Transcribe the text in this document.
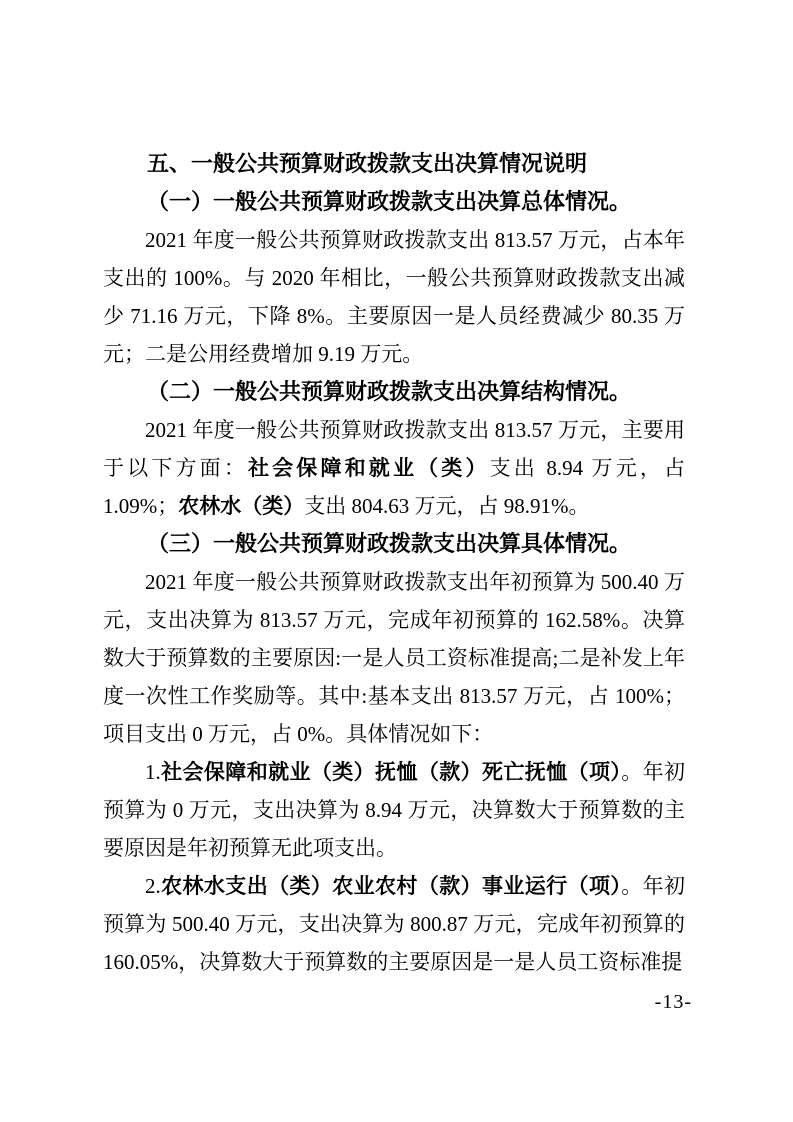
五、一般公共预算财政拨款支出决算情况说明
（一）一般公共预算财政拨款支出决算总体情况。
2021 年度一般公共预算财政拨款支出 813.57 万元，占本年支出的 100%。与 2020 年相比，一般公共预算财政拨款支出减少 71.16 万元，下降 8%。主要原因一是人员经费减少 80.35 万元；二是公用经费增加 9.19 万元。
（二）一般公共预算财政拨款支出决算结构情况。
2021 年度一般公共预算财政拨款支出 813.57 万元，主要用于以下方面：社会保障和就业（类）支出 8.94 万元，占 1.09%；农林水（类）支出 804.63 万元，占 98.91%。
（三）一般公共预算财政拨款支出决算具体情况。
2021 年度一般公共预算财政拨款支出年初预算为 500.40 万元，支出决算为 813.57 万元，完成年初预算的 162.58%。决算数大于预算数的主要原因:一是人员工资标准提高;二是补发上年度一次性工作奖励等。其中:基本支出 813.57 万元，占 100%；项目支出 0 万元，占 0%。具体情况如下：
1.社会保障和就业（类）抚恤（款）死亡抚恤（项）。年初预算为 0 万元，支出决算为 8.94 万元，决算数大于预算数的主要原因是年初预算无此项支出。
2.农林水支出（类）农业农村（款）事业运行（项）。年初预算为 500.40 万元，支出决算为 800.87 万元，完成年初预算的 160.05%，决算数大于预算数的主要原因是一是人员工资标准提
-13-
